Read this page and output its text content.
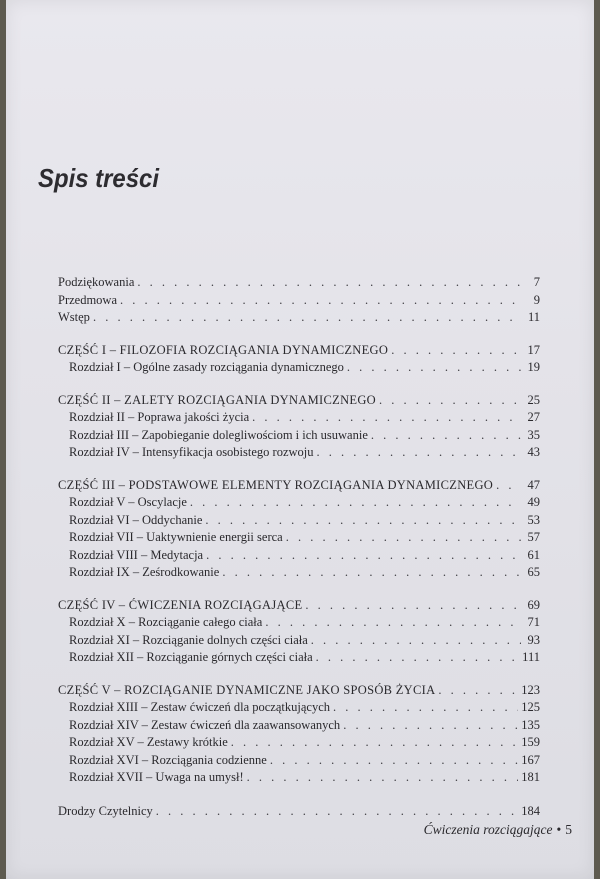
Spis treści
Podziękowania . . .	7
Przedmowa . . .	9
Wstęp . . .	11
CZĘŚĆ I – FILOZOFIA ROZCIĄGANIA DYNAMICZNEGO . . .	17
Rozdział I – Ogólne zasady rozciągania dynamicznego . . .	19
CZĘŚĆ II – ZALETY ROZCIĄGANIA DYNAMICZNEGO . . .	25
Rozdział II – Poprawa jakości życia . . .	27
Rozdział III – Zapobieganie dolegliwościom i ich usuwanie . . .	35
Rozdział IV – Intensyfikacja osobistego rozwoju . . .	43
CZĘŚĆ III – PODSTAWOWE ELEMENTY ROZCIĄGANIA DYNAMICZNEGO . . .	47
Rozdział V – Oscylacje . . .	49
Rozdział VI – Oddychanie . . .	53
Rozdział VII – Uaktywnienie energii serca . . .	57
Rozdział VIII – Medytacja . . .	61
Rozdział IX – Ześrodkowanie . . .	65
CZĘŚĆ IV – ĆWICZENIA ROZCIĄGAJĄCE . . .	69
Rozdział X – Rozciąganie całego ciała . . .	71
Rozdział XI – Rozciąganie dolnych części ciała . . .	93
Rozdział XII – Rozciąganie górnych części ciała . . .	111
CZĘŚĆ V – ROZCIĄGANIE DYNAMICZNE JAKO SPOSÓB ŻYCIA . . .	123
Rozdział XIII – Zestaw ćwiczeń dla początkujących . . .	125
Rozdział XIV – Zestaw ćwiczeń dla zaawansowanych . . .	135
Rozdział XV – Zestawy krótkie . . .	159
Rozdział XVI – Rozciągania codzienne . . .	167
Rozdział XVII – Uwaga na umysł! . . .	181
Drodzy Czytelnicy . . .	184
Ćwiczenia rozciągające • 5
